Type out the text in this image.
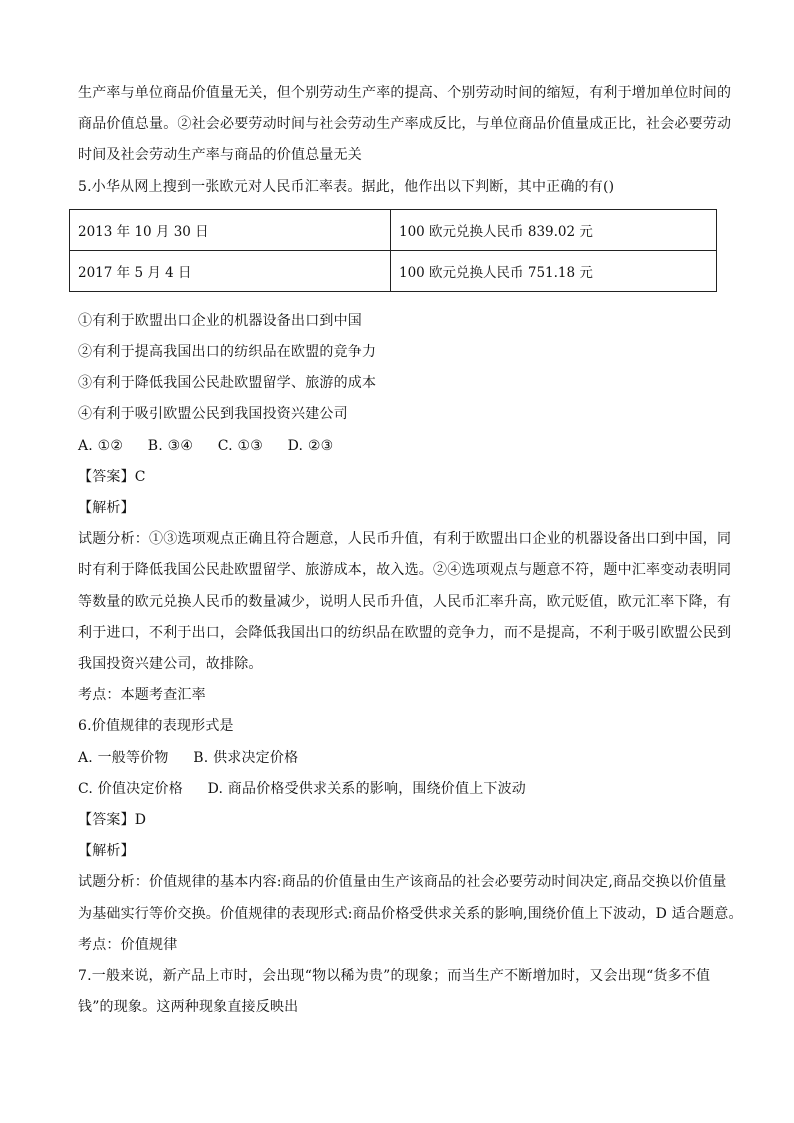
生产率与单位商品价值量无关，但个别劳动生产率的提高、个别劳动时间的缩短，有利于增加单位时间的

商品价值总量。②社会必要劳动时间与社会劳动生产率成反比，与单位商品价值量成正比，社会必要劳动

时间及社会劳动生产率与商品的价值总量无关

5.小华从网上搜到一张欧元对人民币汇率表。据此，他作出以下判断，其中正确的有()

2013 年 10 月 30 日	100 欧元兑换人民币 839.02 元
2017 年 5 月 4 日	100 欧元兑换人民币 751.18 元

①有利于欧盟出口企业的机器设备出口到中国

②有利于提高我国出口的纺织品在欧盟的竞争力

③有利于降低我国公民赴欧盟留学、旅游的成本

④有利于吸引欧盟公民到我国投资兴建公司

A. ①② B. ③④ C. ①③ D. ②③

【答案】C

【解析】

试题分析：①③选项观点正确且符合题意，人民币升值，有利于欧盟出口企业的机器设备出口到中国，同

时有利于降低我国公民赴欧盟留学、旅游成本，故入选。②④选项观点与题意不符，题中汇率变动表明同

等数量的欧元兑换人民币的数量减少，说明人民币升值，人民币汇率升高，欧元贬值，欧元汇率下降，有

利于进口，不利于出口，会降低我国出口的纺织品在欧盟的竞争力，而不是提高，不利于吸引欧盟公民到

我国投资兴建公司，故排除。

考点：本题考查汇率

6.价值规律的表现形式是

A. 一般等价物 B. 供求决定价格

C. 价值决定价格 D. 商品价格受供求关系的影响，围绕价值上下波动

【答案】D

【解析】

试题分析：价值规律的基本内容:商品的价值量由生产该商品的社会必要劳动时间决定,商品交换以价值量

为基础实行等价交换。价值规律的表现形式:商品价格受供求关系的影响,围绕价值上下波动，D 适合题意。

考点：价值规律

7.一般来说，新产品上市时，会出现“物以稀为贵”的现象；而当生产不断增加时，又会出现“货多不值

钱”的现象。这两种现象直接反映出
